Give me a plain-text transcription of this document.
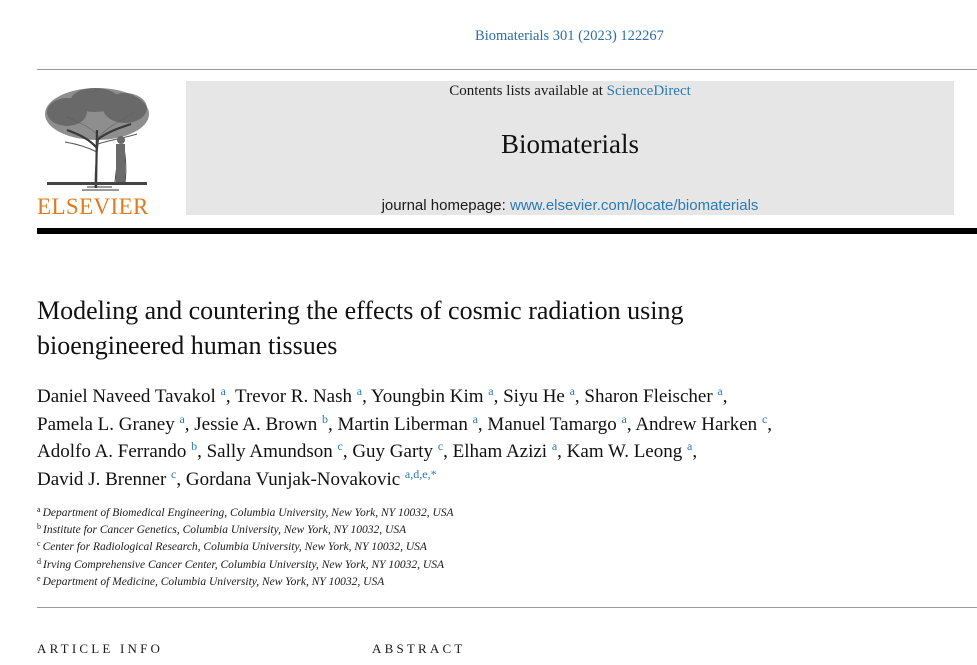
Biomaterials 301 (2023) 122267
ELSEVIER
Contents lists available at ScienceDirect
Biomaterials
journal homepage: www.elsevier.com/locate/biomaterials
Modeling and countering the effects of cosmic radiation using
bioengineered human tissues
Daniel Naveed Tavakol $^a$, Trevor R. Nash $^a$, Youngbin Kim $^a$, Siyu He $^a$, Sharon Fleischer $^a$,
Pamela L. Graney $^a$, Jessie A. Brown $^b$, Martin Liberman $^a$, Manuel Tamargo $^a$, Andrew Harken $^c$,
Adolfo A. Ferrando $^b$, Sally Amundson $^c$, Guy Garty $^c$, Elham Azizi $^a$, Kam W. Leong $^a$,
David J. Brenner $^c$, Gordana Vunjak-Novakovic $^{a,d,e,*}$
$^a$ Department of Biomedical Engineering, Columbia University, New York, NY 10032, USA
$^b$ Institute for Cancer Genetics, Columbia University, New York, NY 10032, USA
$^c$ Center for Radiological Research, Columbia University, New York, NY 10032, USA
$^d$ Irving Comprehensive Cancer Center, Columbia University, New York, NY 10032, USA
$^e$ Department of Medicine, Columbia University, New York, NY 10032, USA
ARTICLE INFO	ABSTRACT
